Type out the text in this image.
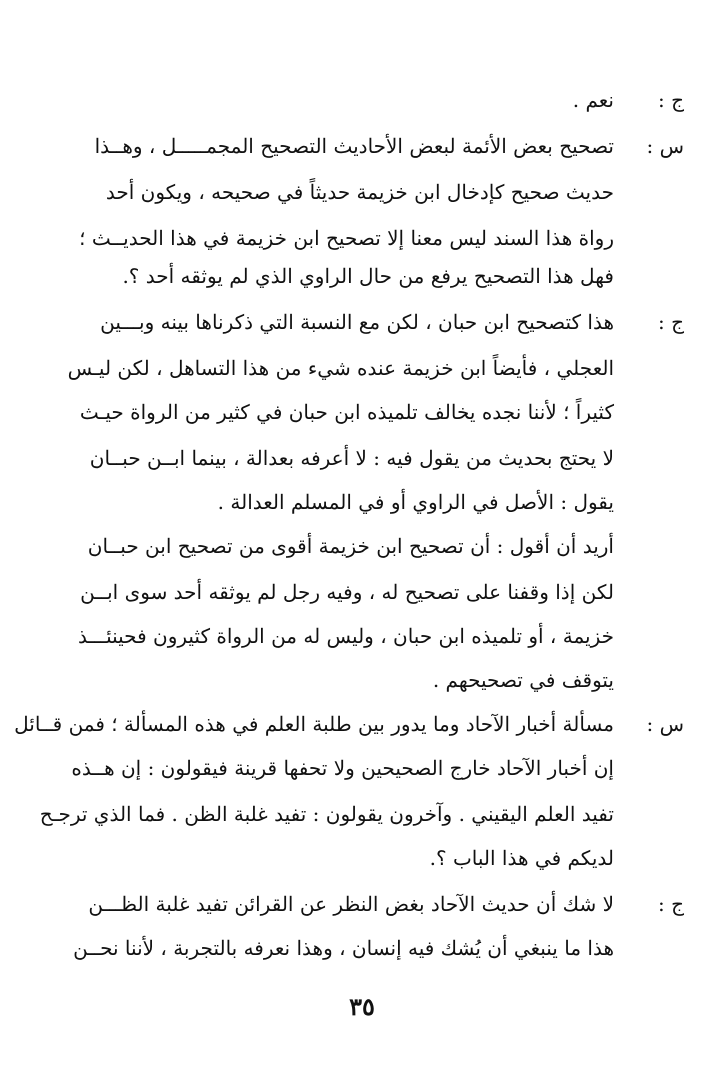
ج :
نعم .
س :
تصحيح بعض الأئمة لبعض الأحاديث التصحيح المجمـــــل ، وهــذا
حديث صحيح كإدخال ابن خزيمة حديثاً في صحيحه ، ويكون أحد
رواة هذا السند ليس معنا إلا تصحيح ابن خزيمة في هذا الحديــث ؛
فهل هذا التصحيح يرفع من حال الراوي الذي لم يوثقه أحد ؟.
ج :
هذا كتصحيح ابن حبان ، لكن مع النسبة التي ذكرناها بينه وبـــين
العجلي ، فأيضاً ابن خزيمة عنده شيء من هذا التساهل ، لكن ليـس
كثيراً ؛ لأننا نجده يخالف تلميذه ابن حبان في كثير من الرواة حيـث
لا يحتج بحديث من يقول فيه : لا أعرفه بعدالة ، بينما ابــن حبــان
يقول : الأصل في الراوي أو في المسلم العدالة .
أريد أن أقول : أن تصحيح ابن خزيمة أقوى من تصحيح ابن حبــان
لكن إذا وقفنا على تصحيح له ، وفيه رجل لم يوثقه أحد سوى ابــن
خزيمة ، أو تلميذه ابن حبان ، وليس له من الرواة كثيرون فحينئـــذ
يتوقف في تصحيحهم .
س :
مسألة أخبار الآحاد وما يدور بين طلبة العلم في هذه المسألة ؛ فمن قــائل
إن أخبار الآحاد خارج الصحيحين ولا تحفها قرينة فيقولون : إن هــذه
تفيد العلم اليقيني . وآخرون يقولون : تفيد غلبة الظن . فما الذي ترجـح
لديكم في هذا الباب ؟.
ج :
لا شك أن حديث الآحاد بغض النظر عن القرائن تفيد غلبة الظـــن
هذا ما ينبغي أن يُشك فيه إنسان ، وهذا نعرفه بالتجربة ، لأننا نحــن
٣٥
